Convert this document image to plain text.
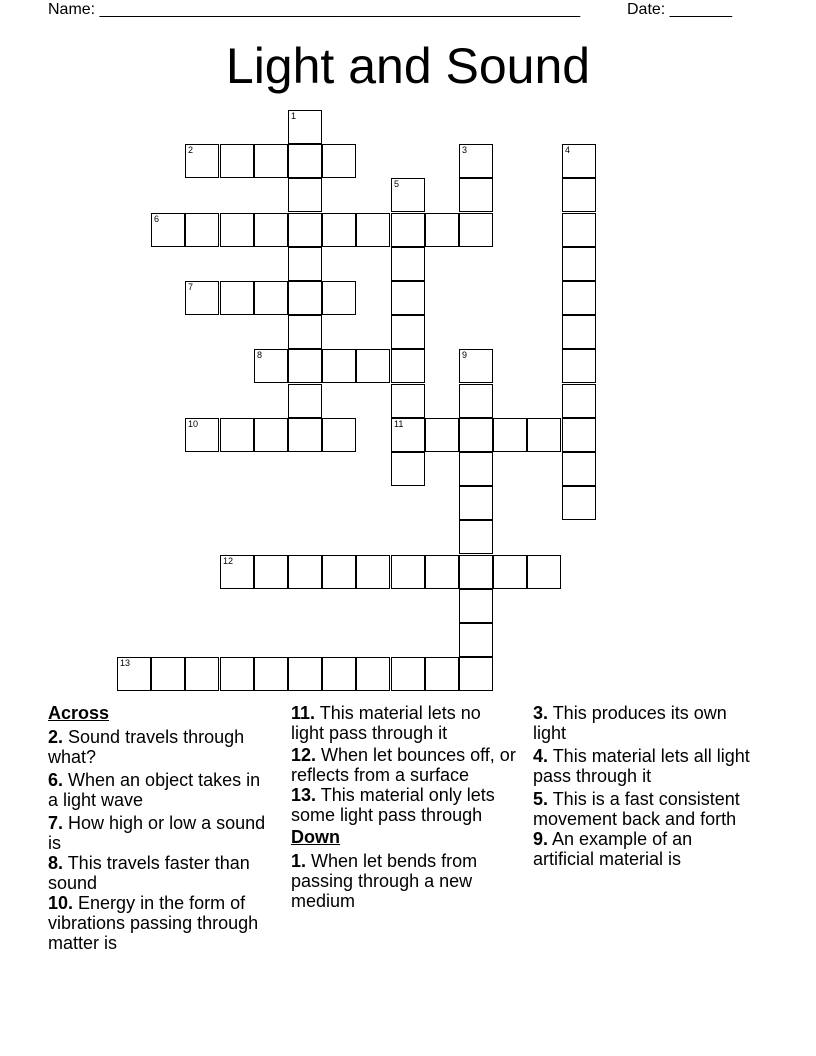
Name: ______________________________________________________	Date: _______
Light and Sound
1
2	3	4
5
11
6
7
8	9
10
12
13
Across
2. Sound travels through what?
6. When an object takes in a light wave
7. How high or low a sound is
8. This travels faster than sound
10. Energy in the form of vibrations passing through matter is
11. This material lets no light pass through it
12. When let bounces off, or reflects from a surface
13. This material only lets some light pass through
Down
1. When let bends from passing through a new medium
3. This produces its own light
4. This material lets all light pass through it
5. This is a fast consistent movement back and forth
9. An example of an artificial material is
